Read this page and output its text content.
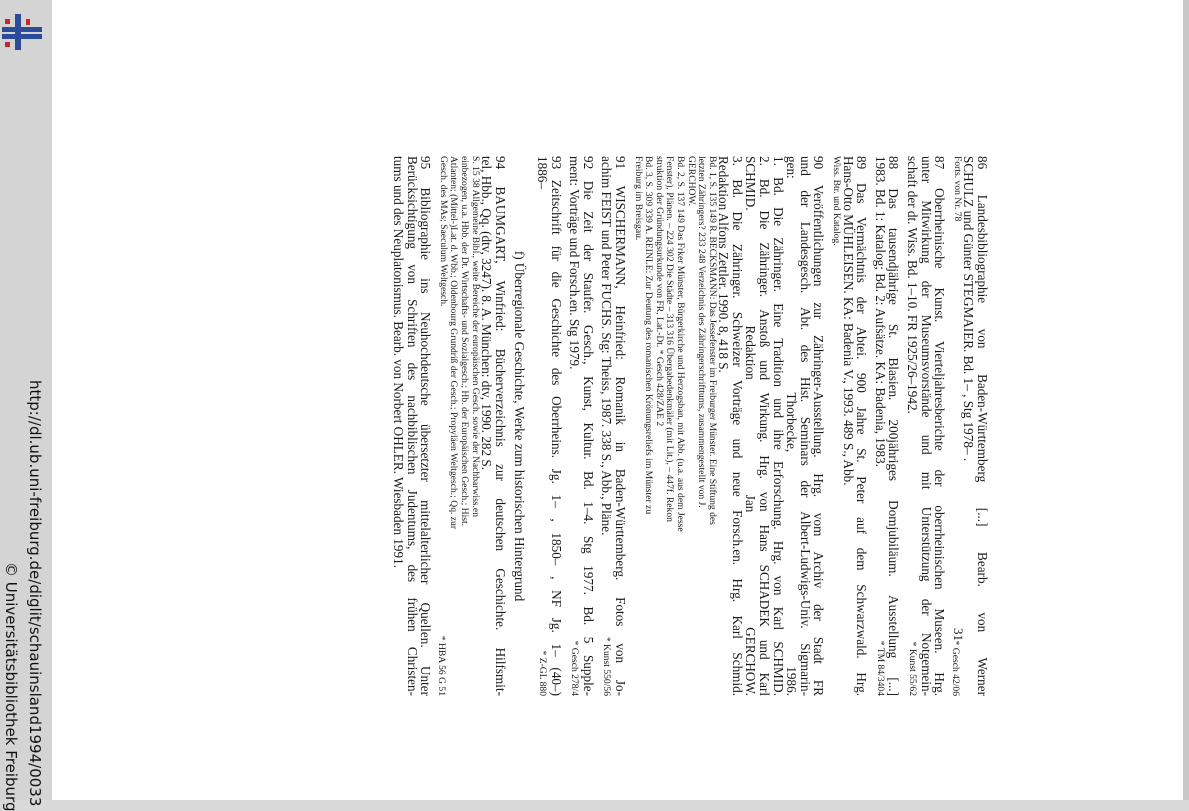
http://dl.ub.uni-freiburg.de/diglit/schauinsland1994/0033
© Universitätsbibliothek Freiburg	86 Landesbibliographie von Baden-Württemberg [...] Bearb. von Werner
SCHULZ und Günter STEGMAIER. Bd. 1– , Stg 1978– .
* Gesch 42/06
Forts. von Nr. 78
87 Oberrheinische Kunst. Vierteljahresberichte der oberrheinischen Museen. Hrg.
unter Mitwirkung der Museumsvorstände und mit Unterstützung der Notgemein-
* Kunst 55/62
schaft der dt. Wiss. Bd. 1–10. FR 1925/26–1942.
88 Das tausendjährige St. Blasien. 200jähriges Domjubiläum. Ausstellung [...]
* TM 84/3404
1983. Bd. 1: Katalog; Bd. 2: Aufsätze. KA: Badenia, 1983.
89 Das Vermächtnis der Abtei. 900 Jahre St. Peter auf dem Schwarzwald. Hrg.
Hans-Otto MÜHLEISEN. KA: Badenia V., 1993. 489 S., Abb.
Wiss. Btr. und Katalog.
90 Veröffentlichungen zur Zähringer-Ausstellung. Hrg. vom Archiv der Stadt FR
und der Landesgesch. Abt. des Hist. Seminars der Albert-Ludwigs-Univ. Sigmarin-
gen: Thorbecke, 1986.
1. Bd. Die Zähringer. Eine Tradition und ihre Erforschung. Hrg. von Karl SCHMID.
2. Bd. Die Zähringer. Anstoß und Wirkung. Hrg. von Hans SCHADEK und Karl
SCHMID. Redaktion Jan GERCHOW.
3. Bd. Die Zähringer. Schweizer Vorträge und neue Forsch.en. Hrg. Karl Schmid.
Redaktion Alfons Zettler. 1990. 8, 418 S.
Bd. 1, S. 135 149 R. BECKSMANN: Das Jessefenster im Freiburger Münster. Eine Stiftung des
letzten Zähringers? 233 248 Verzeichnis des Zähringerschrifttums, zusammengestellt von J.
GERCHOW.
Bd. 2, S. 137 149 Das Frker Münster, Bürgerkirche und Herzogsban, mit Abb. (u.a. aus dem Jesse
Fenster), Plänen. – 224 302 Die Städte – 313 316 Übergabedenkmäler (mit Lit.), – 447f. Rekon
struktion der Gründungsurkunde von FR, Lat.-Dt. * Gesch 428/ZAE 2
Bd. 3, S. 309 339 A. REINLE: Zur Deutung des romanischen Krönungsreliefs im Münster zu
Freiburg im Breisgau.
91 WISCHERMANN, Heinfried: Romanik in Baden-Württemberg. Fotos von Jo-
* Kunst 550/56
achim FEIST und Peter FUCHS. Stg: Theiss, 1987. 338 S., Abb., Pläne.
92 Die Zeit der Staufer. Gesch., Kunst, Kultur. Bd. 1–4. Stg 1977. Bd. 5 Supple-
* Gesch 278/4
ment: Vorträge und Forsch.en. Stg 1979.
93 Zeitschrift für die Geschichte des Oberrheins. Jg. 1– , 1850– , NF Jg. 1– (40–)
* Z-GL 880
1886–
f) Überregionale Geschichte, Werke zum historischen Hintergrund
94 BAUMGART, Winfried: Bücherverzeichnis zur deutschen Geschichte. Hilfsmit-
tel, Hbb., Qq. (dtv, 3247). 8. A. München: dtv, 1990. 282 S.
S. 15 38 Allgemeine Bibl., weite Bereiche der europäischen Gesch. sowie der Nachbarwiss.en
einbezogen, u.a. Hbb. der Dt. Wirtschafts- und Sozialgesch.; Hb. der Europäischen Gesch.; Hist.
Atlanten; (Mittel-)Lat. d. Wbb.; Oldenbourg Grundriß der Gesch.; Propyläen Weltgesch.; Qq. zur
* HBA 56 G 51
Gesch. des MAs; Saeculum Weltgesch.
95 Bibliographie ins Neuhochdeutsche übersetzter mittelalterlicher Quellen. Unter
Berücksichtigung von Schriften des nachbiblischen Judentums, des frühen Christen-
tums und des Neuplatonismus. Bearb. von Norbert OHLER. Wiesbaden 1991.
31
